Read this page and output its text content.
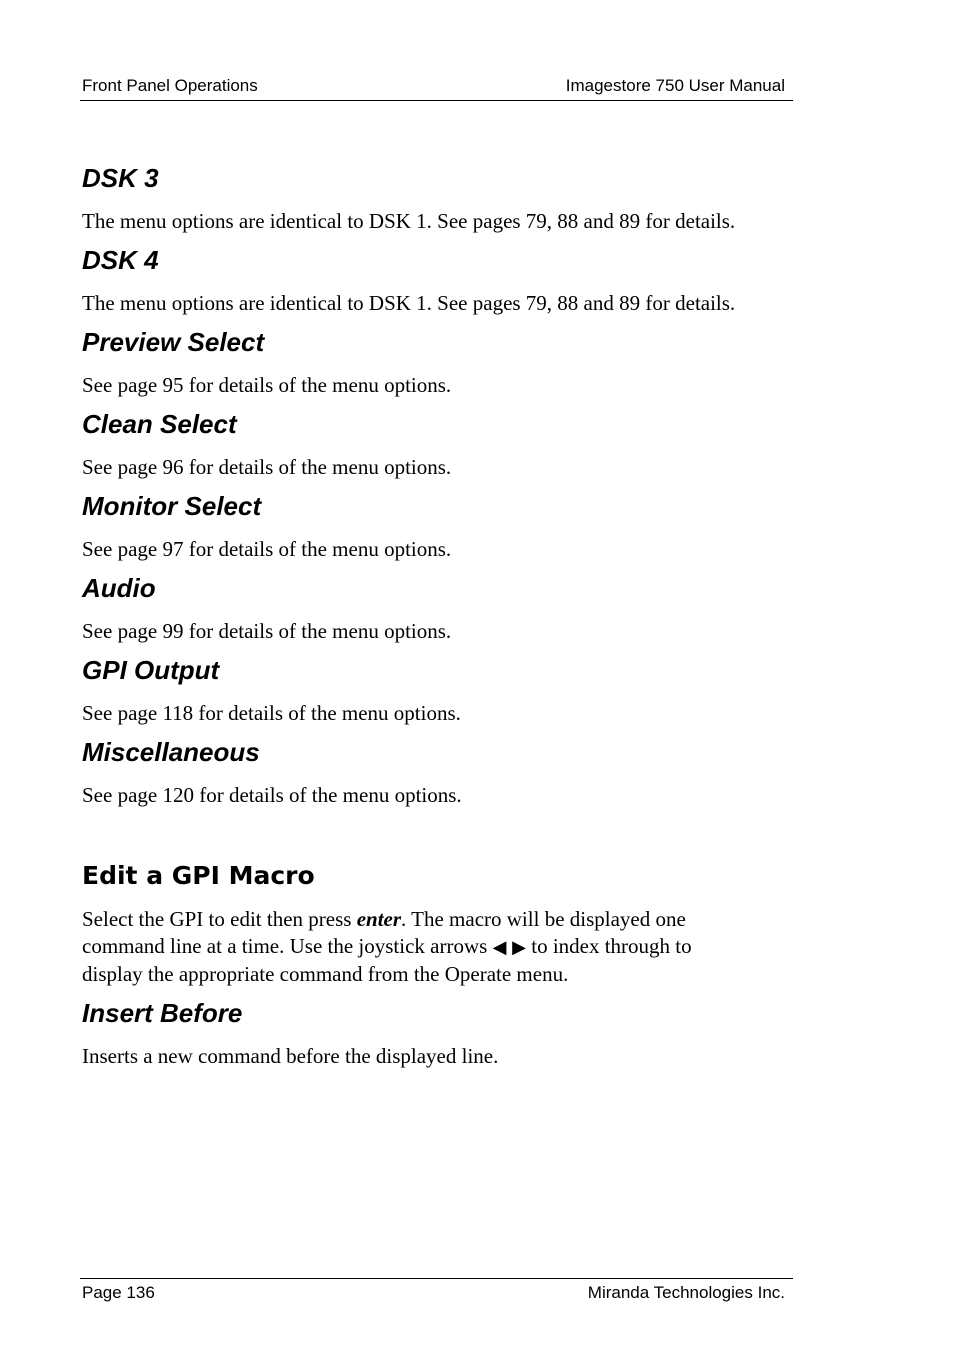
Front Panel Operations	Imagestore 750 User Manual
DSK 3

The menu options are identical to DSK 1. See pages 79, 88 and 89 for details.

DSK 4

The menu options are identical to DSK 1. See pages 79, 88 and 89 for details.

Preview Select

See page 95 for details of the menu options.

Clean Select

See page 96 for details of the menu options.

Monitor Select

See page 97 for details of the menu options.

Audio

See page 99 for details of the menu options.

GPI Output

See page 118 for details of the menu options.

Miscellaneous

See page 120 for details of the menu options.

Edit a GPI Macro

Select the GPI to edit then press enter. The macro will be displayed one
command line at a time. Use the joystick arrows ◀ ▶ to index through to
display the appropriate command from the Operate menu.

Insert Before

Inserts a new command before the displayed line.

Page 136	Miranda Technologies Inc.
